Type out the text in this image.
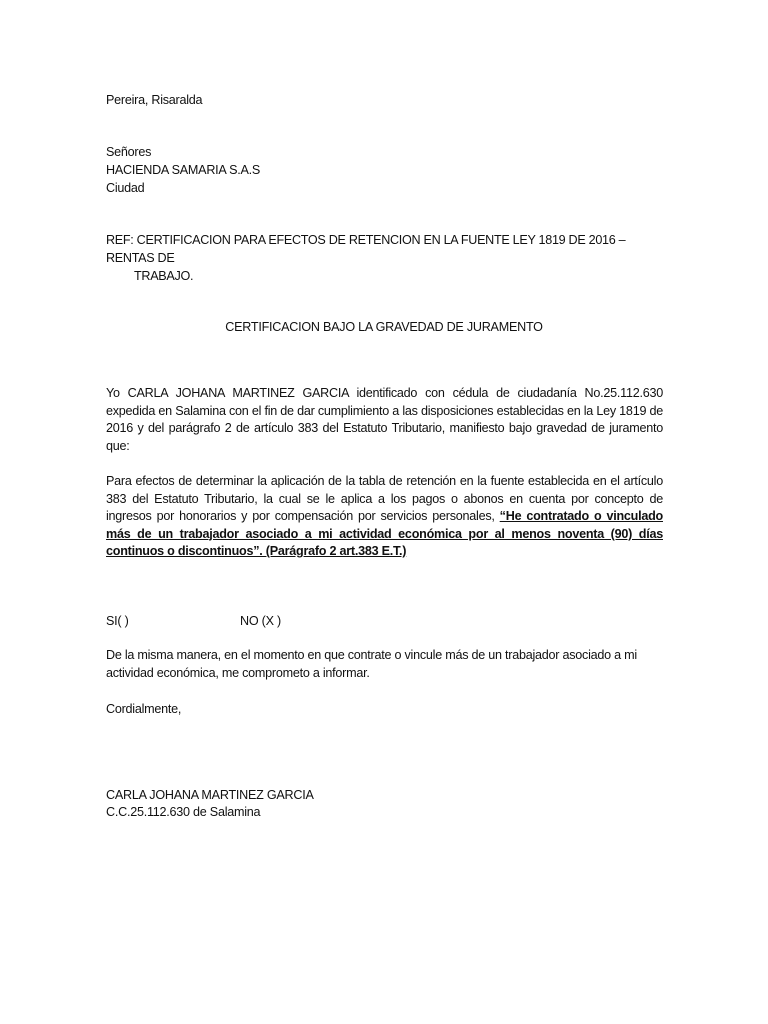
Pereira, Risaralda
Señores
HACIENDA SAMARIA S.A.S
Ciudad
REF: CERTIFICACION PARA EFECTOS DE RETENCION EN LA FUENTE LEY 1819 DE 2016 – RENTAS DE
TRABAJO.
CERTIFICACION BAJO LA GRAVEDAD DE JURAMENTO
Yo CARLA JOHANA MARTINEZ GARCIA identificado con cédula de ciudadanía No.25.112.630 expedida en Salamina con el fin de dar cumplimiento a las disposiciones establecidas en la Ley 1819 de 2016 y del parágrafo 2 de artículo 383 del Estatuto Tributario, manifiesto bajo gravedad de juramento que:
Para efectos de determinar la aplicación de la tabla de retención en la fuente establecida en el artículo 383 del Estatuto Tributario, la cual se le aplica a los pagos o abonos en cuenta por concepto de ingresos por honorarios y por compensación por servicios personales, “He contratado o vinculado más de un trabajador asociado a mi actividad económica por al menos noventa (90) días continuos o discontinuos”. (Parágrafo 2 art.383 E.T.)
SI( )	NO (X )
De la misma manera, en el momento en que contrate o vincule más de un trabajador asociado a mi actividad económica, me comprometo a informar.
Cordialmente,
CARLA JOHANA MARTINEZ GARCIA
C.C.25.112.630 de Salamina
